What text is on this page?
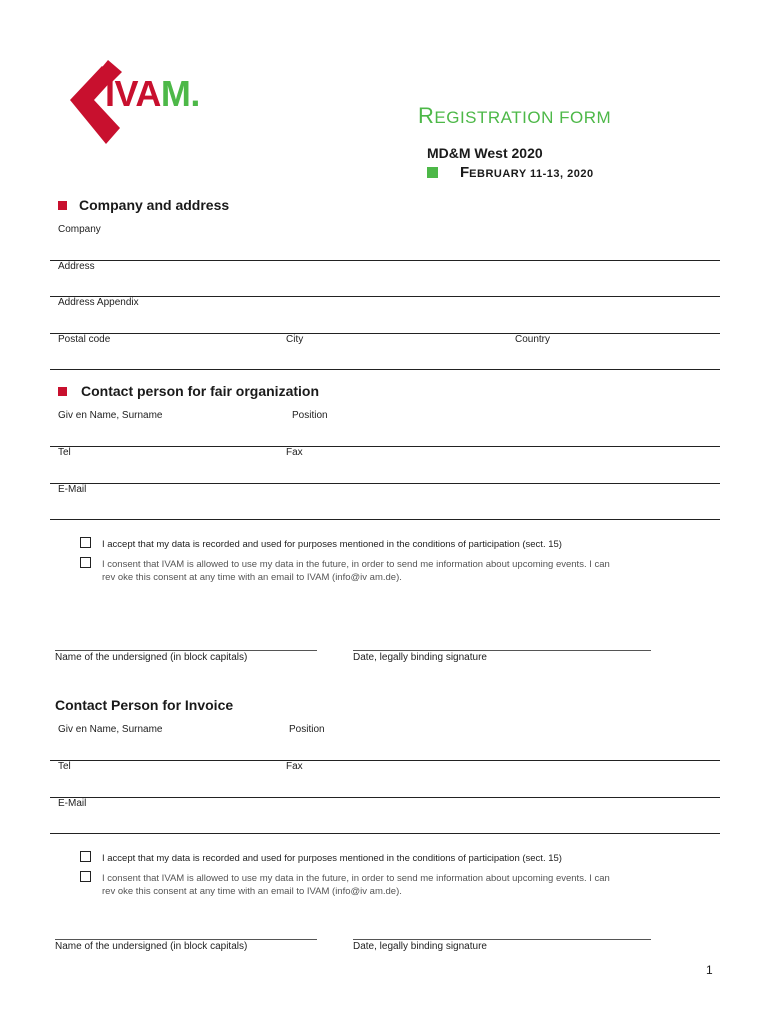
IVAM.
REGISTRATION FORM
MD&M West 2020
FEBRUARY 11-13, 2020
Company and address
Company
Address
Address Appendix
Postal code	City	Country
Contact person for fair organization
Giv en Name, Surname	Position
Tel	Fax
E-Mail
I accept that my data is recorded and used for purposes mentioned in the conditions of participation (sect. 15)
I consent that IVAM is allowed to use my data in the future, in order to send me information about upcoming events. I can
rev oke this consent at any time with an email to IVAM (info@iv am.de).
Name of the undersigned (in block capitals)	Date, legally binding signature
Contact Person for Invoice
Giv en Name, Surname	Position
Tel	Fax
E-Mail
I accept that my data is recorded and used for purposes mentioned in the conditions of participation (sect. 15)
I consent that IVAM is allowed to use my data in the future, in order to send me information about upcoming events. I can
rev oke this consent at any time with an email to IVAM (info@iv am.de).
Name of the undersigned (in block capitals)	Date, legally binding signature
1
